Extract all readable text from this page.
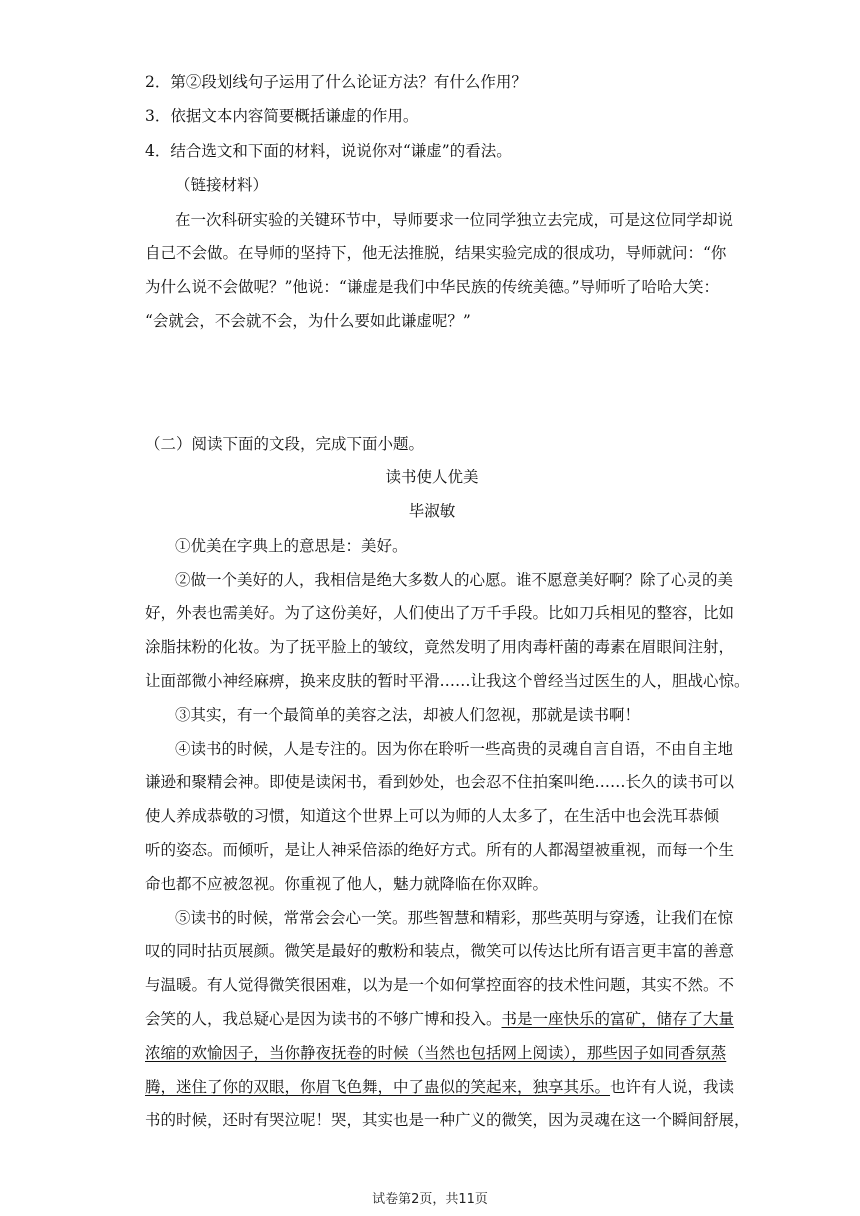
2．第②段划线句子运用了什么论证方法？有什么作用？
3．依据文本内容简要概括谦虚的作用。
4．结合选文和下面的材料，说说你对“谦虚”的看法。
（链接材料）
在一次科研实验的关键环节中，导师要求一位同学独立去完成，可是这位同学却说
自己不会做。在导师的坚持下，他无法推脱，结果实验完成的很成功，导师就问：“你
为什么说不会做呢？”他说：“谦虚是我们中华民族的传统美德。”导师听了哈哈大笑：
“会就会，不会就不会，为什么要如此谦虚呢？”
（二）阅读下面的文段，完成下面小题。
读书使人优美
毕淑敏
①优美在字典上的意思是：美好。
②做一个美好的人，我相信是绝大多数人的心愿。谁不愿意美好啊？除了心灵的美
好，外表也需美好。为了这份美好，人们使出了万千手段。比如刀兵相见的整容，比如
涂脂抹粉的化妆。为了抚平脸上的皱纹，竟然发明了用肉毒杆菌的毒素在眉眼间注射，
让面部微小神经麻痹，换来皮肤的暂时平滑……让我这个曾经当过医生的人，胆战心惊。
③其实，有一个最简单的美容之法，却被人们忽视，那就是读书啊！
④读书的时候，人是专注的。因为你在聆听一些高贵的灵魂自言自语，不由自主地
谦逊和聚精会神。即使是读闲书，看到妙处，也会忍不住拍案叫绝……长久的读书可以
使人养成恭敬的习惯，知道这个世界上可以为师的人太多了，在生活中也会洗耳恭倾
听的姿态。而倾听，是让人神采倍添的绝好方式。所有的人都渴望被重视，而每一个生
命也都不应被忽视。你重视了他人，魅力就降临在你双眸。
⑤读书的时候，常常会会心一笑。那些智慧和精彩，那些英明与穿透，让我们在惊
叹的同时拈页展颜。微笑是最好的敷粉和装点，微笑可以传达比所有语言更丰富的善意
与温暖。有人觉得微笑很困难，以为是一个如何掌控面容的技术性问题，其实不然。不
会笑的人，我总疑心是因为读书的不够广博和投入。书是一座快乐的富矿，储存了大量
浓缩的欢愉因子，当你静夜抚卷的时候（当然也包括网上阅读），那些因子如同香氛蒸
腾，迷住了你的双眼，你眉飞色舞，中了蛊似的笑起来，独享其乐。也许有人说，我读
书的时候，还时有哭泣呢！哭，其实也是一种广义的微笑，因为灵魂在这一个瞬间舒展，
试卷第2页，共11页
